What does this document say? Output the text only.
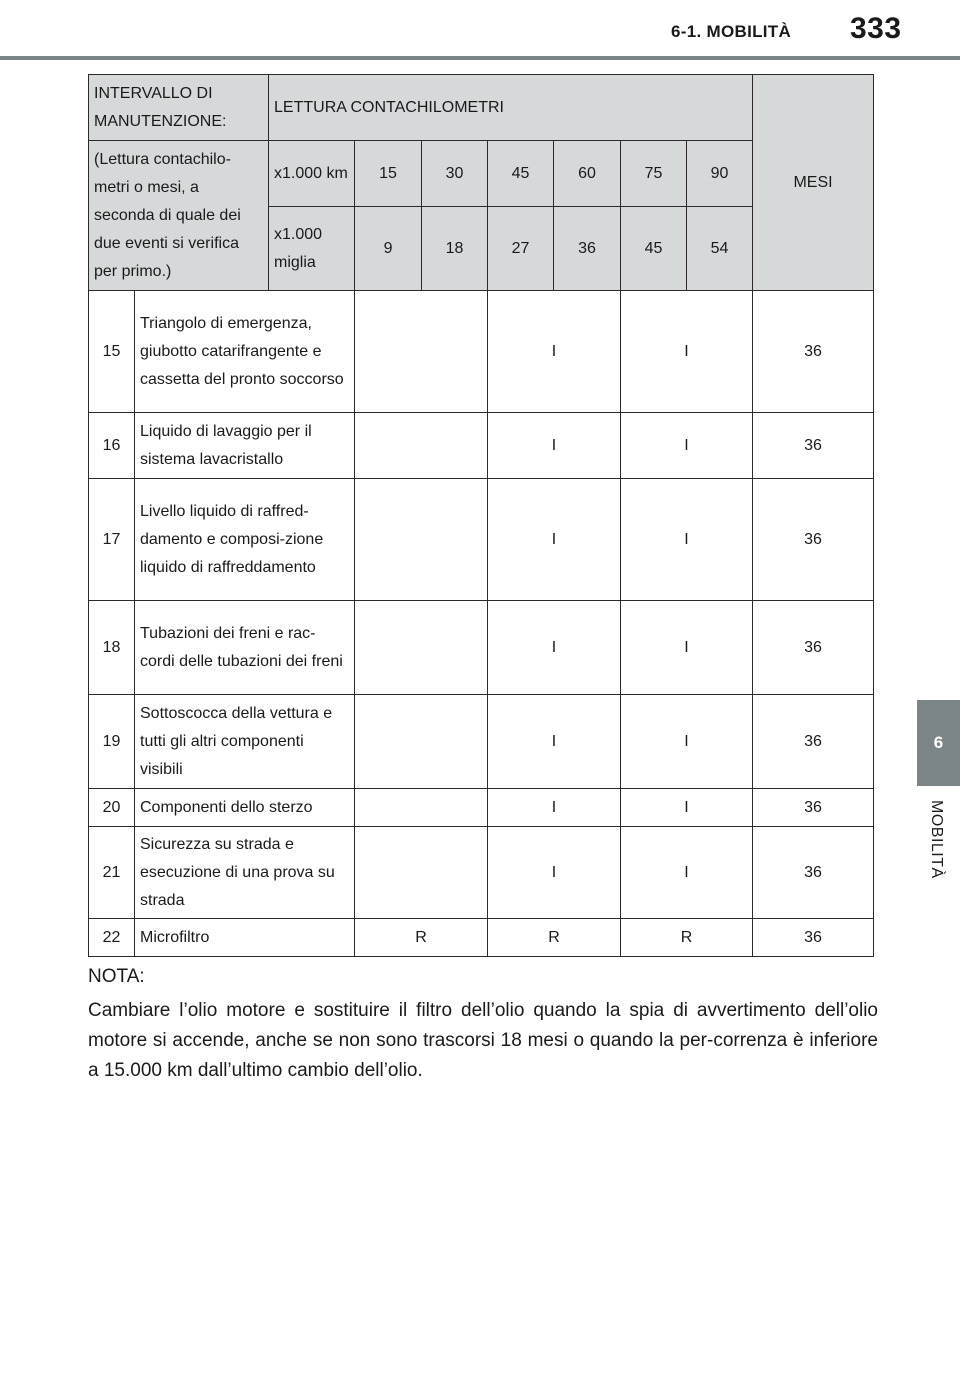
6-1. MOBILITÀ 333
6
MOBILITÀ
INTERVALLO DI MANUTENZIONE:		LETTURA CONTACHILOMETRI							MESI
(Lettura contachilo-metri o mesi, a seconda di quale dei due eventi si verifica per primo.)		x1.000 km	15	30	45	60	75	90	
		x1.000 miglia	9	18	27	36	45	54	
15	Triangolo di emergenza, giubotto catarifrangente e cassetta del pronto soccorso				I		I		36
16	Liquido di lavaggio per il sistema lavacristallo				I		I		36
17	Livello liquido di raffred-damento e composi-zione liquido di raffreddamento				I		I		36
18	Tubazioni dei freni e rac-cordi delle tubazioni dei freni				I		I		36
19	Sottoscocca della vettura e tutti gli altri componenti visibili				I		I		36
20	Componenti dello sterzo				I		I		36
21	Sicurezza su strada e esecuzione di una prova su strada				I		I		36
22	Microfiltro		R		R		R		36
NOTA:
Cambiare l’olio motore e sostituire il filtro dell’olio quando la spia di avvertimento dell’olio motore si accende, anche se non sono trascorsi 18 mesi o quando la per-correnza è inferiore a 15.000 km dall’ultimo cambio dell’olio.
